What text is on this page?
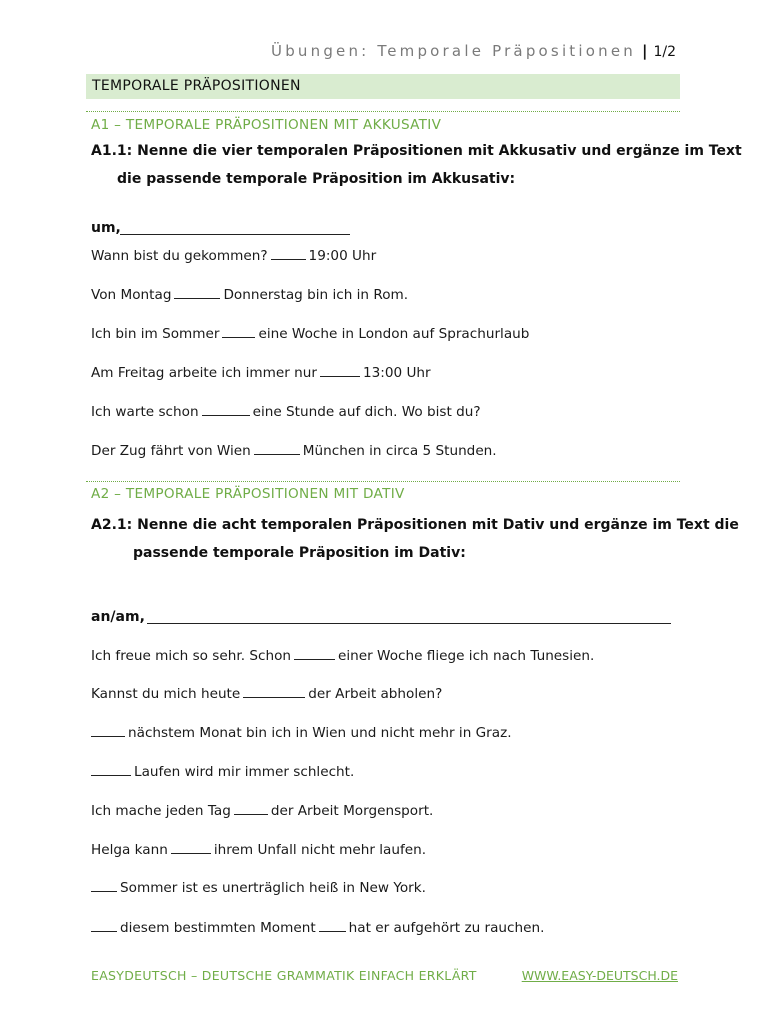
Übungen: Temporale Präpositionen | 1/2
TEMPORALE PRÄPOSITIONEN
A1 – TEMPORALE PRÄPOSITIONEN MIT AKKUSATIV
A1.1: Nenne die vier temporalen Präpositionen mit Akkusativ und ergänze im Text
die passende temporale Präposition im Akkusativ:
um,
Wann bist du gekommen?	19:00 Uhr
Von Montag	Donnerstag bin ich in Rom.
Ich bin im Sommer	eine Woche in London auf Sprachurlaub
Am Freitag arbeite ich immer nur	13:00 Uhr
Ich warte schon	eine Stunde auf dich. Wo bist du?
Der Zug fährt von Wien	München in circa 5 Stunden.
A2 – TEMPORALE PRÄPOSITIONEN MIT DATIV
A2.1: Nenne die acht temporalen Präpositionen mit Dativ und ergänze im Text die
passende temporale Präposition im Dativ:
an/am,
Ich freue mich so sehr. Schon	einer Woche fliege ich nach Tunesien.
Kannst du mich heute	der Arbeit abholen?
nächstem Monat bin ich in Wien und nicht mehr in Graz.
Laufen wird mir immer schlecht.
Ich mache jeden Tag	der Arbeit Morgensport.
Helga kann	ihrem Unfall nicht mehr laufen.
Sommer ist es unerträglich heiß in New York.
diesem bestimmten Moment hat er aufgehört zu rauchen.
EASYDEUTSCH – DEUTSCHE GRAMMATIK EINFACH ERKLÄRT	WWW.EASY-DEUTSCH.DE
